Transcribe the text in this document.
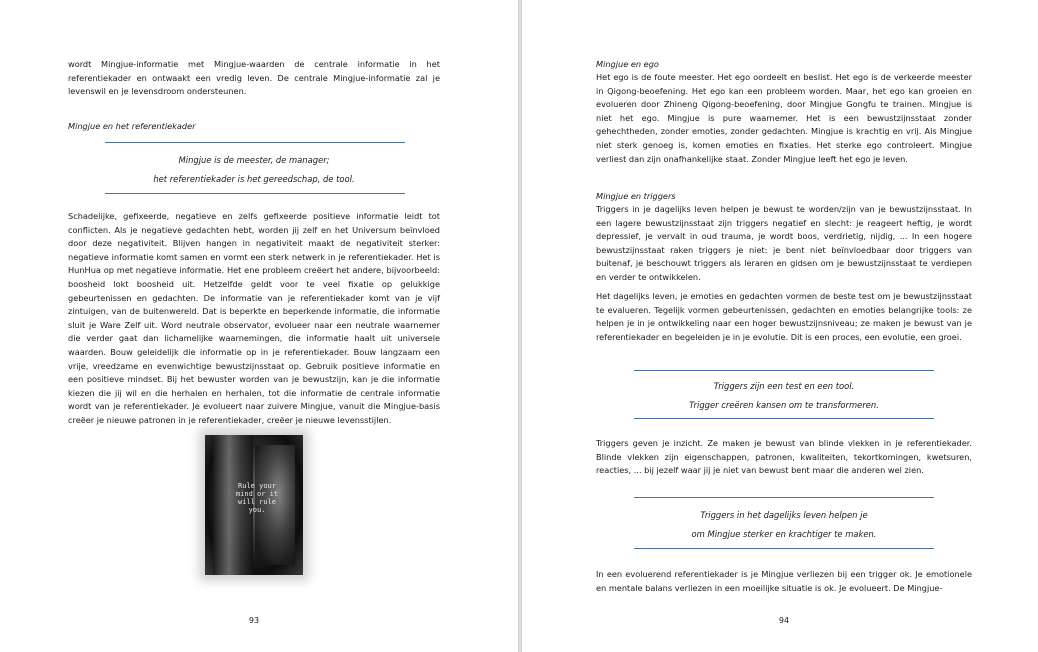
wordt Mingjue-informatie met Mingjue-waarden de centrale informatie in het referentiekader en ontwaakt een vredig leven. De centrale Mingjue-informatie zal je levenswil en je levensdroom ondersteunen.

Mingjue en het referentiekader

Mingjue is de meester, de manager;

het referentiekader is het gereedschap, de tool.

Schadelijke, gefixeerde, negatieve en zelfs gefixeerde positieve informatie leidt tot conflicten. Als je negatieve gedachten hebt, worden jij zelf en het Universum beïnvloed door deze negativiteit. Blijven hangen in negativiteit maakt de negativiteit sterker: negatieve informatie komt samen en vormt een sterk netwerk in je referentiekader. Het is HunHua op met negatieve informatie. Het ene probleem creëert het andere, bijvoorbeeld: boosheid lokt boosheid uit. Hetzelfde geldt voor te veel fixatie op gelukkige gebeurtenissen en gedachten. De informatie van je referentiekader komt van je vijf zintuigen, van de buitenwereld. Dat is beperkte en beperkende informatie, die informatie sluit je Ware Zelf uit. Word neutrale observator, evolueer naar een neutrale waarnemer die verder gaat dan lichamelijke waarnemingen, die informatie haalt uit universele waarden. Bouw geleidelijk die informatie op in je referentiekader. Bouw langzaam een vrije, vreedzame en evenwichtige bewustzijnsstaat op. Gebruik positieve informatie en een positieve mindset. Bij het bewuster worden van je bewustzijn, kan je die informatie kiezen die jij wil en die herhalen en herhalen, tot die informatie de centrale informatie wordt van je referentiekader. Je evolueert naar zuivere Mingjue, vanuit die Mingjue-basis creëer je nieuwe patronen in je referentiekader, creëer je nieuwe levensstijlen.

Rule your
mind or it
will rule
you.
93

Mingjue en ego

Het ego is de foute meester. Het ego oordeelt en beslist. Het ego is de verkeerde meester in Qigong-beoefening. Het ego kan een probleem worden. Maar, het ego kan groeien en evolueren door Zhineng Qigong-beoefening, door Mingjue Gongfu te trainen. Mingjue is niet het ego. Mingjue is pure waarnemer. Het is een bewustzijnsstaat zonder gehechtheden, zonder emoties, zonder gedachten. Mingjue is krachtig en vrij. Als Mingjue niet sterk genoeg is, komen emoties en fixaties. Het sterke ego controleert. Mingjue verliest dan zijn onafhankelijke staat. Zonder Mingjue leeft het ego je leven.

Mingjue en triggers

Triggers in je dagelijks leven helpen je bewust te worden/zijn van je bewustzijnsstaat. In een lagere bewustzijnsstaat zijn triggers negatief en slecht: je reageert heftig, je wordt depressief, je vervalt in oud trauma, je wordt boos, verdrietig, nijdig, ... In een hogere bewustzijnsstaat raken triggers je niet: je bent niet beïnvloedbaar door triggers van buitenaf, je beschouwt triggers als leraren en gidsen om je bewustzijnsstaat te verdiepen en verder te ontwikkelen.

Het dagelijks leven, je emoties en gedachten vormen de beste test om je bewustzijnsstaat te evalueren. Tegelijk vormen gebeurtenissen, gedachten en emoties belangrijke tools: ze helpen je in je ontwikkeling naar een hoger bewustzijnsniveau; ze maken je bewust van je referentiekader en begeleiden je in je evolutie. Dit is een proces, een evolutie, een groei.

Triggers zijn een test en een tool.

Trigger creëren kansen om te transformeren.

Triggers geven je inzicht. Ze maken je bewust van blinde vlekken in je referentiekader. Blinde vlekken zijn eigenschappen, patronen, kwaliteiten, tekortkomingen, kwetsuren, reacties, ... bij jezelf waar jij je niet van bewust bent maar die anderen wel zien.

Triggers in het dagelijks leven helpen je

om Mingjue sterker en krachtiger te maken.

In een evoluerend referentiekader is je Mingjue verliezen bij een trigger ok. Je emotionele en mentale balans verliezen in een moeilijke situatie is ok. Je evolueert. De Mingjue-

94
